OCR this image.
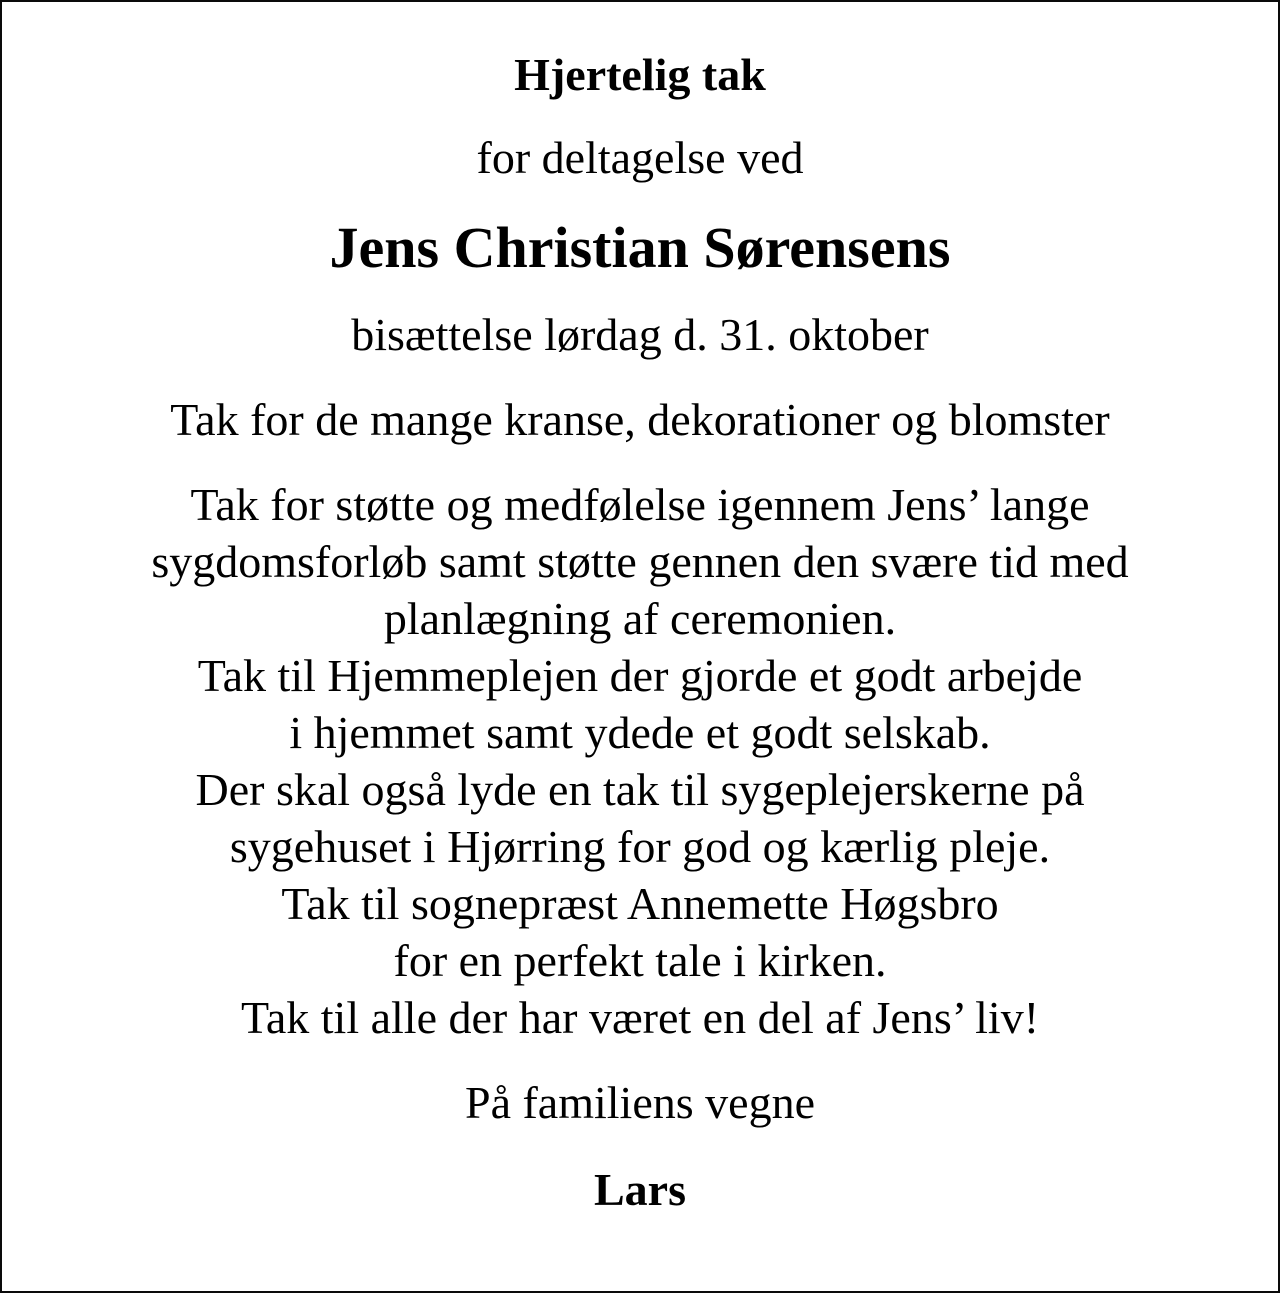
Hjertelig tak
for deltagelse ved
Jens Christian Sørensens
bisættelse lørdag d. 31. oktober
Tak for de mange kranse, dekorationer og blomster
Tak for støtte og medfølelse igennem Jens’ lange
sygdomsforløb samt støtte gennen den svære tid med
planlægning af ceremonien.
Tak til Hjemmeplejen der gjorde et godt arbejde
i hjemmet samt ydede et godt selskab.
Der skal også lyde en tak til sygeplejerskerne på
sygehuset i Hjørring for god og kærlig pleje.
Tak til sognepræst Annemette Høgsbro
for en perfekt tale i kirken.
Tak til alle der har været en del af Jens’ liv!
På familiens vegne
Lars
